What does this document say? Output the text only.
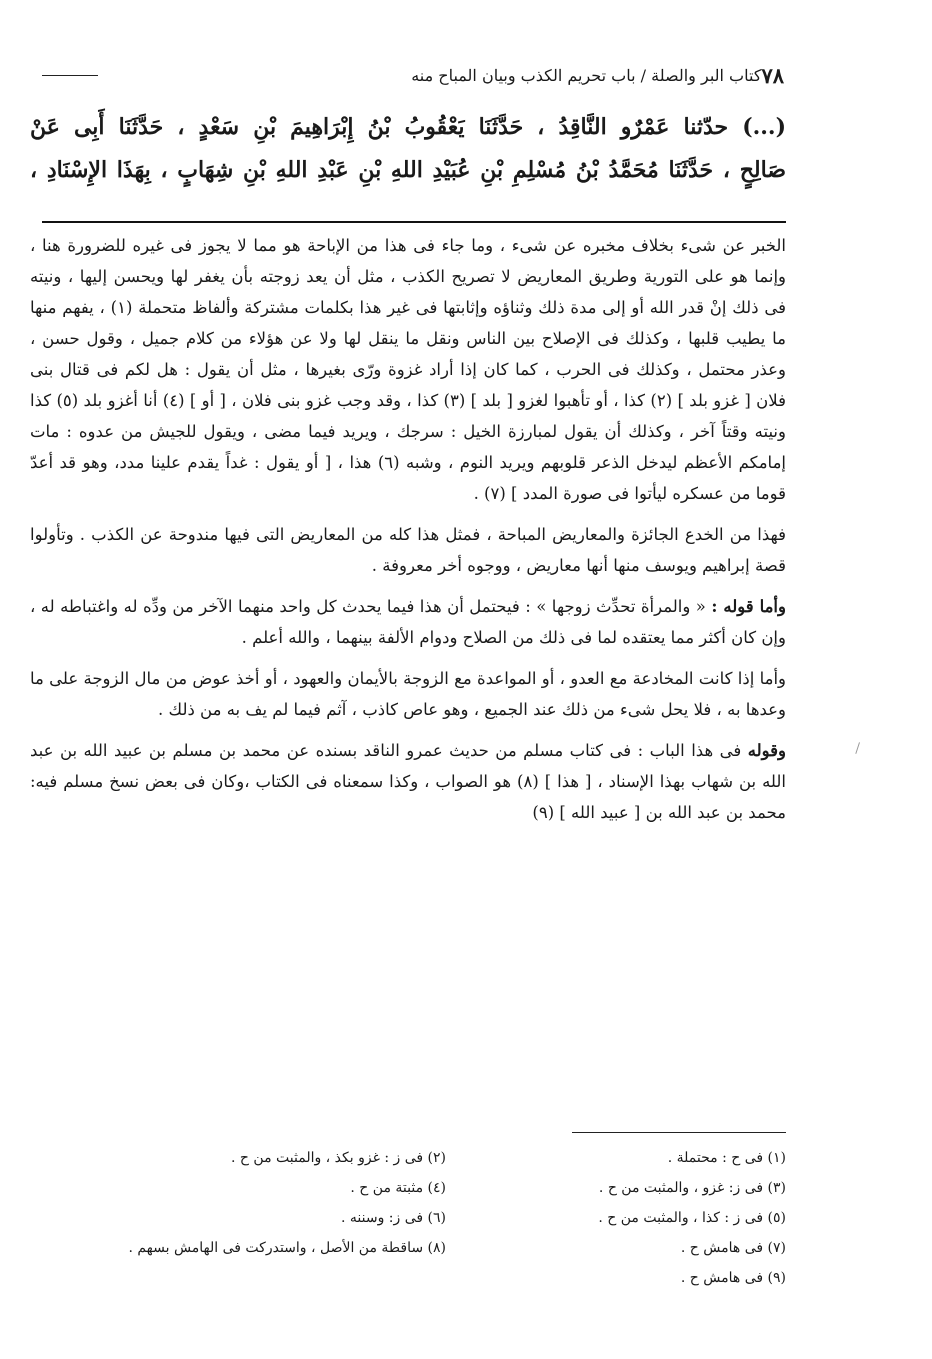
٧٨
كتاب البر والصلة / باب تحريم الكذب وبيان المباح منه
(...) حدّثنا عَمْرٌو النَّاقِدُ ، حَدَّثَنَا يَعْقُوبُ بْنُ إِبْرَاهِيمَ بْنِ سَعْدٍ ، حَدَّثَنَا أَبِى عَنْ
صَالِحٍ ، حَدَّثَنَا مُحَمَّدُ بْنُ مُسْلِمِ بْنِ عُبَيْدِ اللهِ بْنِ عَبْدِ اللهِ بْنِ شِهَابٍ ، بِهَذَا الإِسْنَادِ ،

الخبر عن شىء بخلاف مخبره عن شىء ، وما جاء فى هذا من الإباحة هو مما لا يجوز فى غيره للضرورة هنا ، وإنما هو على التورية وطريق المعاريض لا تصريح الكذب ، مثل أن يعد زوجته بأن يغفر لها ويحسن إليها ، ونيته فى ذلك إنْ قدر الله أو إلى مدة ذلك وثناؤه وإثابتها فى غير هذا بكلمات مشتركة وألفاظ متحملة (١) ، يفهم منها ما يطيب قلبها ، وكذلك فى الإصلاح بين الناس ونقل ما ينقل لها ولا عن هؤلاء من كلام جميل ، وقول حسن ، وعذر محتمل ، وكذلك فى الحرب ، كما كان إذا أراد غزوة ورّى بغيرها ، مثل أن يقول : هل لكم فى قتال بنى فلان [ غزو بلد ] (٢) كذا ، أو تأهبوا لغزو [ بلد ] (٣) كذا ، وقد وجب غزو بنى فلان ، [ أو ] (٤) أنا أغزو بلد (٥) كذا ونيته وقتاً آخر ، وكذلك أن يقول لمبارزة الخيل : سرجك ، ويريد فيما مضى ، ويقول للجيش من عدوه : مات إمامكم الأعظم ليدخل الذعر قلوبهم ويريد النوم ، وشبه (٦) هذا ، [ أو يقول : غداً يقدم علينا مدد، وهو قد أعدّ قوما من عسكره ليأتوا فى صورة المدد ] (٧) .

فهذا من الخدع الجائزة والمعاريض المباحة ، فمثل هذا كله من المعاريض التى فيها مندوحة عن الكذب . وتأولوا قصة إبراهيم ويوسف منها أنها معاريض ، ووجوه أخر معروفة .

وأما قوله : « والمرأة تحدِّث زوجها » : فيحتمل أن هذا فيما يحدث كل واحد منهما الآخر من ودِّه له واغتباطه له ، وإن كان أكثر مما يعتقده لما فى ذلك من الصلاح ودوام الألفة بينهما ، والله أعلم .

وأما إذا كانت المخادعة مع العدو ، أو المواعدة مع الزوجة بالأيمان والعهود ، أو أخذ عوض من مال الزوجة على ما وعدها به ، فلا يحل شىء من ذلك عند الجميع ، وهو عاص كاذب ، آثم فيما لم يف به من ذلك .

وقوله فى هذا الباب : فى كتاب مسلم من حديث عمرو الناقد بسنده عن محمد بن مسلم بن عبيد الله بن عبد الله بن شهاب بهذا الإسناد ، [ هذا ] (٨) هو الصواب ، وكذا سمعناه فى الكتاب ،وكان فى بعض نسخ مسلم فيه: محمد بن عبد الله بن [ عبيد الله ] (٩)

(١) فى ح : محتملة .
(٢) فى ز : غزو بكذ ، والمثبت من ح .
(٣) فى ز: غزو ، والمثبت من ح .
(٤) مثبتة من ح .
(٥) فى ز : كذا ، والمثبت من ح .
(٦) فى ز: وسننه .
(٧) فى هامش ح .
(٨) ساقطة من الأصل ، واستدركت فى الهامش بسهم .
(٩) فى هامش ح .
